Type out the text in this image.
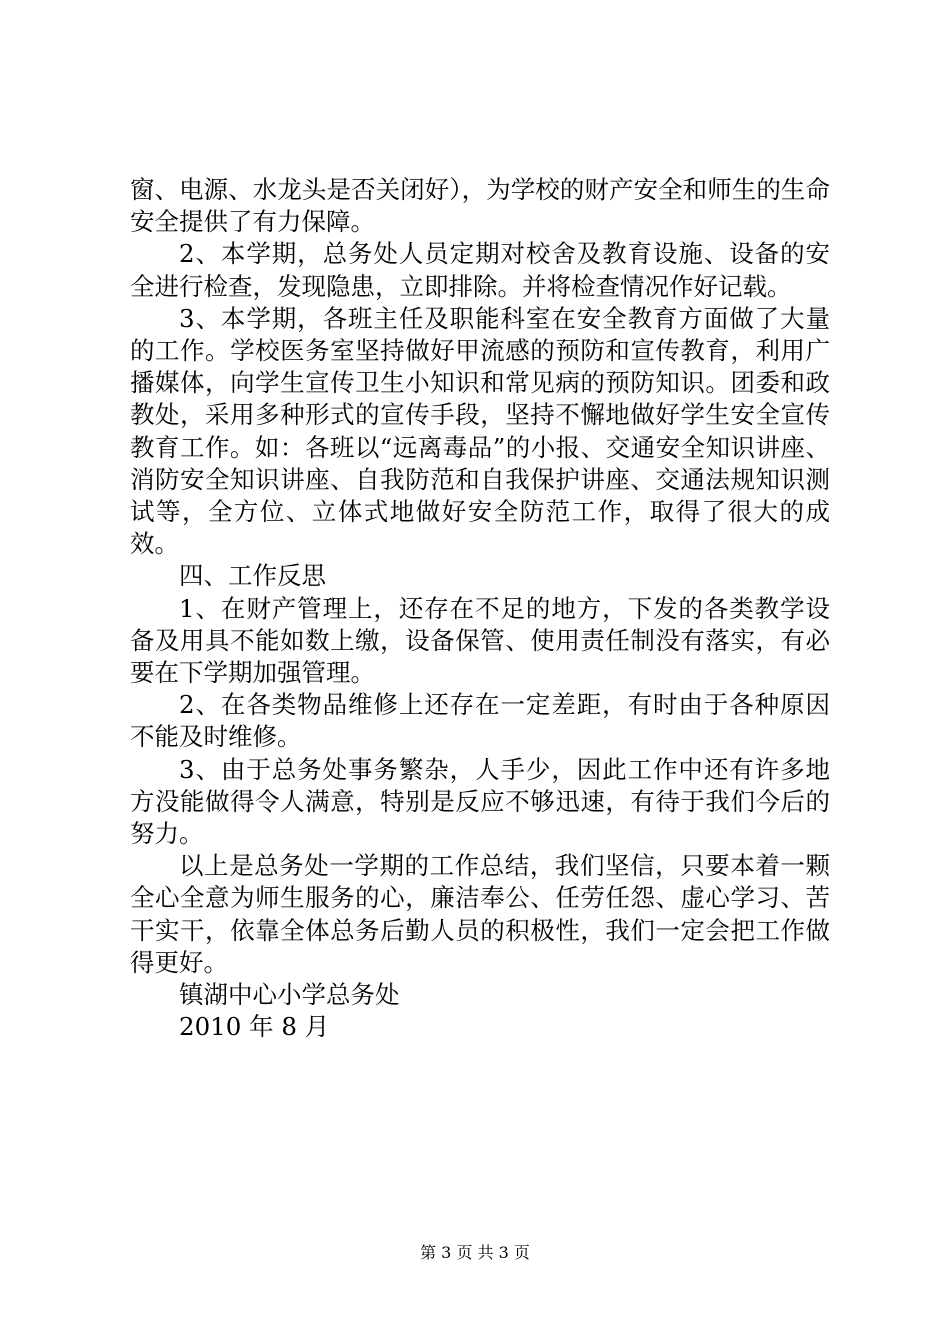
窗、电源、水龙头是否关闭好），为学校的财产安全和师生的生命安全提供了有力保障。

2、本学期，总务处人员定期对校舍及教育设施、设备的安全进行检查，发现隐患，立即排除。并将检查情况作好记载。

3、本学期，各班主任及职能科室在安全教育方面做了大量的工作。学校医务室坚持做好甲流感的预防和宣传教育，利用广播媒体，向学生宣传卫生小知识和常见病的预防知识。团委和政教处，采用多种形式的宣传手段，坚持不懈地做好学生安全宣传教育工作。如：各班以“远离毒品”的小报、交通安全知识讲座、消防安全知识讲座、自我防范和自我保护讲座、交通法规知识测试等，全方位、立体式地做好安全防范工作，取得了很大的成效。

四、工作反思

1、在财产管理上，还存在不足的地方，下发的各类教学设备及用具不能如数上缴，设备保管、使用责任制没有落实，有必要在下学期加强管理。

2、在各类物品维修上还存在一定差距，有时由于各种原因不能及时维修。

3、由于总务处事务繁杂，人手少，因此工作中还有许多地方没能做得令人满意，特别是反应不够迅速，有待于我们今后的努力。

以上是总务处一学期的工作总结，我们坚信，只要本着一颗全心全意为师生服务的心，廉洁奉公、任劳任怨、虚心学习、苦干实干，依靠全体总务后勤人员的积极性，我们一定会把工作做得更好。

镇湖中心小学总务处

2010 年 8 月

第 3 页 共 3 页
